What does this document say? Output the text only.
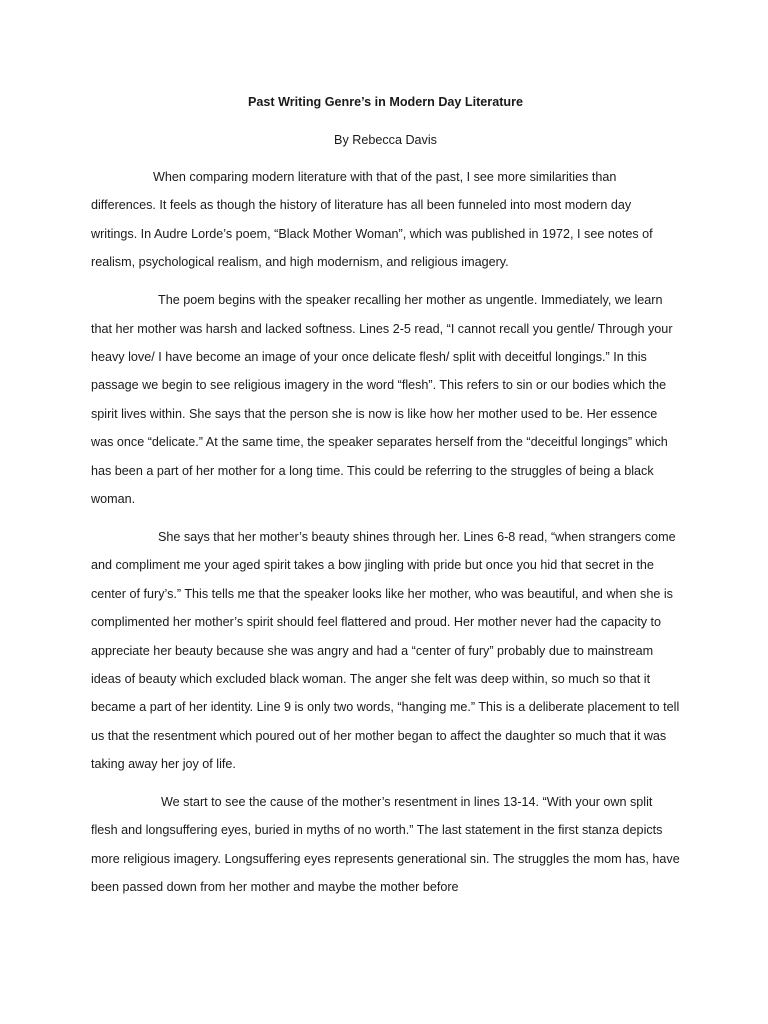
Past Writing Genre’s in Modern Day Literature

By Rebecca Davis

When comparing modern literature with that of the past, I see more similarities than differences. It feels as though the history of literature has all been funneled into most modern day writings. In Audre Lorde’s poem, “Black Mother Woman”, which was published in 1972, I see notes of realism, psychological realism, and high modernism, and religious imagery.

The poem begins with the speaker recalling her mother as ungentle. Immediately, we learn that her mother was harsh and lacked softness. Lines 2-5 read, “I cannot recall you gentle/ Through your heavy love/ I have become an image of your once delicate flesh/ split with deceitful longings.” In this passage we begin to see religious imagery in the word “flesh”. This refers to sin or our bodies which the spirit lives within. She says that the person she is now is like how her mother used to be. Her essence was once “delicate.” At the same time, the speaker separates herself from the “deceitful longings” which has been a part of her mother for a long time. This could be referring to the struggles of being a black woman.

She says that her mother’s beauty shines through her. Lines 6-8 read, “when strangers come and compliment me your aged spirit takes a bow jingling with pride but once you hid that secret in the center of fury’s.” This tells me that the speaker looks like her mother, who was beautiful, and when she is complimented her mother’s spirit should feel flattered and proud. Her mother never had the capacity to appreciate her beauty because she was angry and had a “center of fury” probably due to mainstream ideas of beauty which excluded black woman. The anger she felt was deep within, so much so that it became a part of her identity. Line 9 is only two words, “hanging me.” This is a deliberate placement to tell us that the resentment which poured out of her mother began to affect the daughter so much that it was taking away her joy of life.

We start to see the cause of the mother’s resentment in lines 13-14. “With your own split flesh and longsuffering eyes, buried in myths of no worth.” The last statement in the first stanza depicts more religious imagery. Longsuffering eyes represents generational sin. The struggles the mom has, have been passed down from her mother and maybe the mother before
